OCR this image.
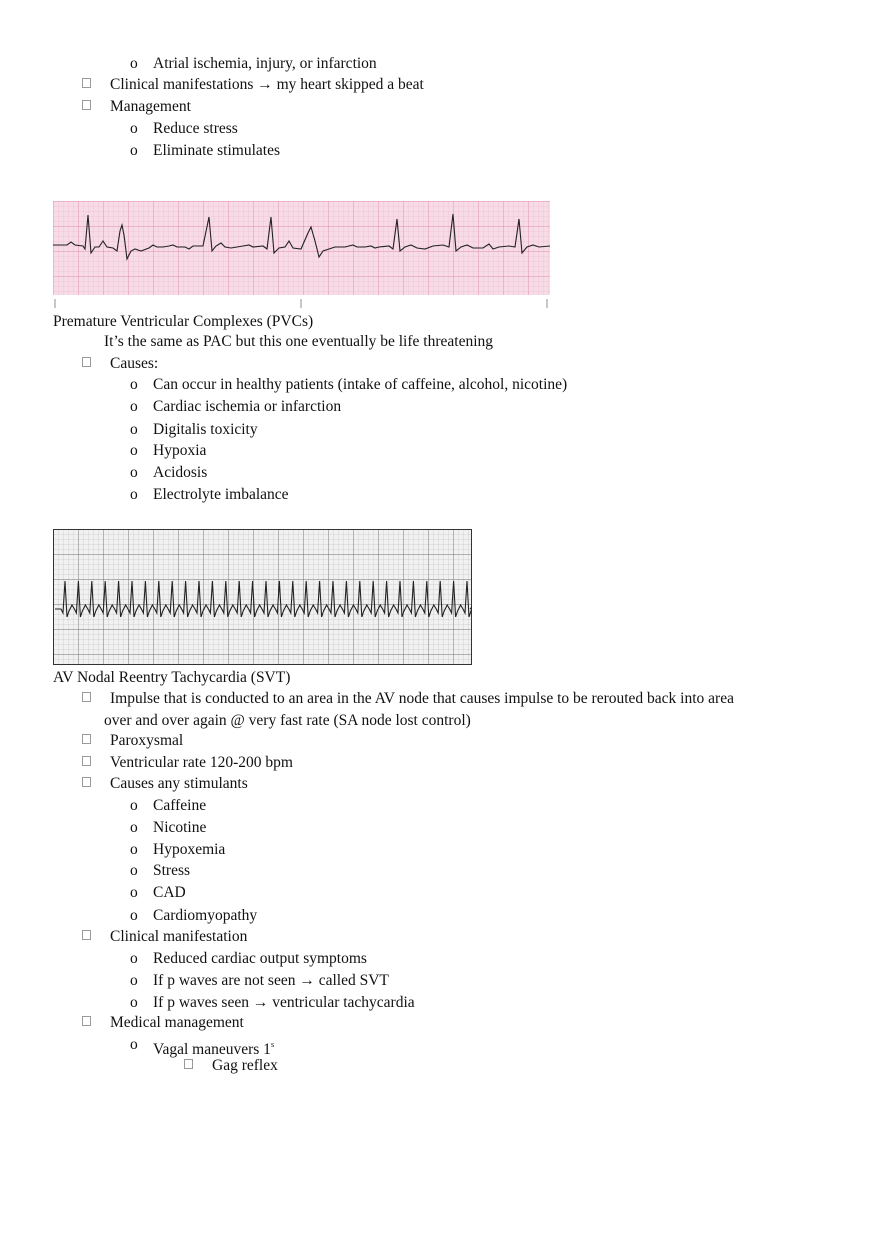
o Atrial ischemia, injury, or infarction
Clinical manifestations → my heart skipped a beat
Management
o Reduce stress
o Eliminate stimulates
Premature Ventricular Complexes (PVCs)
It’s the same as PAC but this one eventually be life threatening
Causes:
o Can occur in healthy patients (intake of caffeine, alcohol, nicotine)
o Cardiac ischemia or infarction
o Digitalis toxicity
o Hypoxia
o Acidosis
o Electrolyte imbalance
AV Nodal Reentry Tachycardia (SVT)
Impulse that is conducted to an area in the AV node that causes impulse to be rerouted back into area
over and over again @ very fast rate (SA node lost control)
Paroxysmal
Ventricular rate 120-200 bpm
Causes any stimulants
o Caffeine
o Nicotine
o Hypoxemia
o Stress
o CAD
o Cardiomyopathy
Clinical manifestation
o Reduced cardiac output symptoms
o If p waves are not seen → called SVT
o If p waves seen → ventricular tachycardia
Medical management
o Vagal maneuvers 1$^s$
Gag reflex
